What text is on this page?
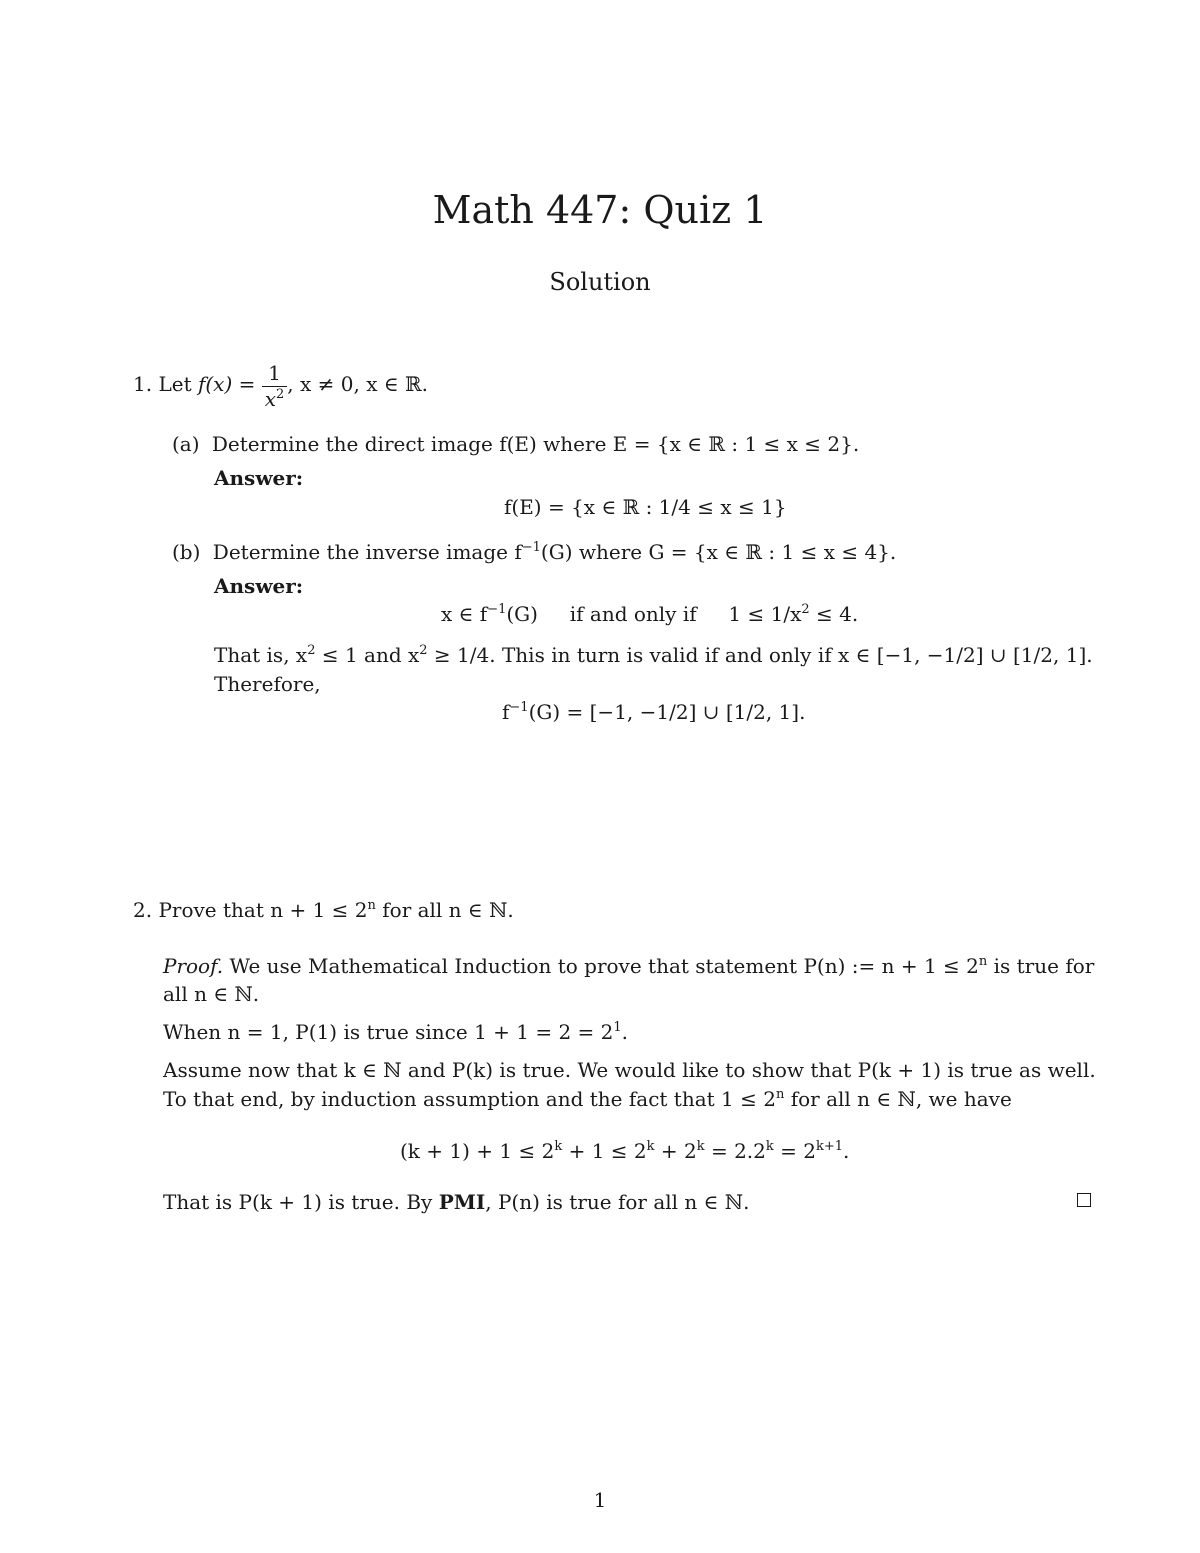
Math 447: Quiz 1
Solution
1. Let $f(x) = \frac{1}{x^2}$ , x ≠ 0, x ∈ ℝ.
(a) Determine the direct image f(E) where E = {x ∈ ℝ : 1 ≤ x ≤ 2}.
Answer:
f(E) = {x ∈ ℝ : 1/4 ≤ x ≤ 1}
(b) Determine the inverse image $f^{-1}(G)$ where G = {x ∈ ℝ : 1 ≤ x ≤ 4}.
Answer:
x ∈ $f^{-1}(G)$     if and only if     $1 \le 1/x^2 \le 4$.
That is, $x^2 \le 1$ and $x^2 \ge 1/4$. This in turn is valid if and only if x ∈ [−1, −1/2] ∪ [1/2, 1].
Therefore,
$f^{-1}(G) = [-1$, −1/2] ∪ [1/2, 1].
2. Prove that $n + 1 \le 2^n$ for all n ∈ ℕ.
Proof. We use Mathematical Induction to prove that statement P(n) := $n + 1 \le 2^n$ is true for
all n ∈ ℕ.
When n = 1, P(1) is true since $1 + 1 = 2 = 2^1$.
Assume now that k ∈ ℕ and P(k) is true. We would like to show that P(k + 1) is true as well.
To that end, by induction assumption and the fact that $1 \le 2^n$ for all n ∈ ℕ, we have
$(k + 1) + 1 \le 2^k + 1 \le 2^k + 2^k = 2.2^k = 2^{k+1}$.
That is P(k + 1) is true. By PMI, P(n) is true for all n ∈ ℕ.
1
